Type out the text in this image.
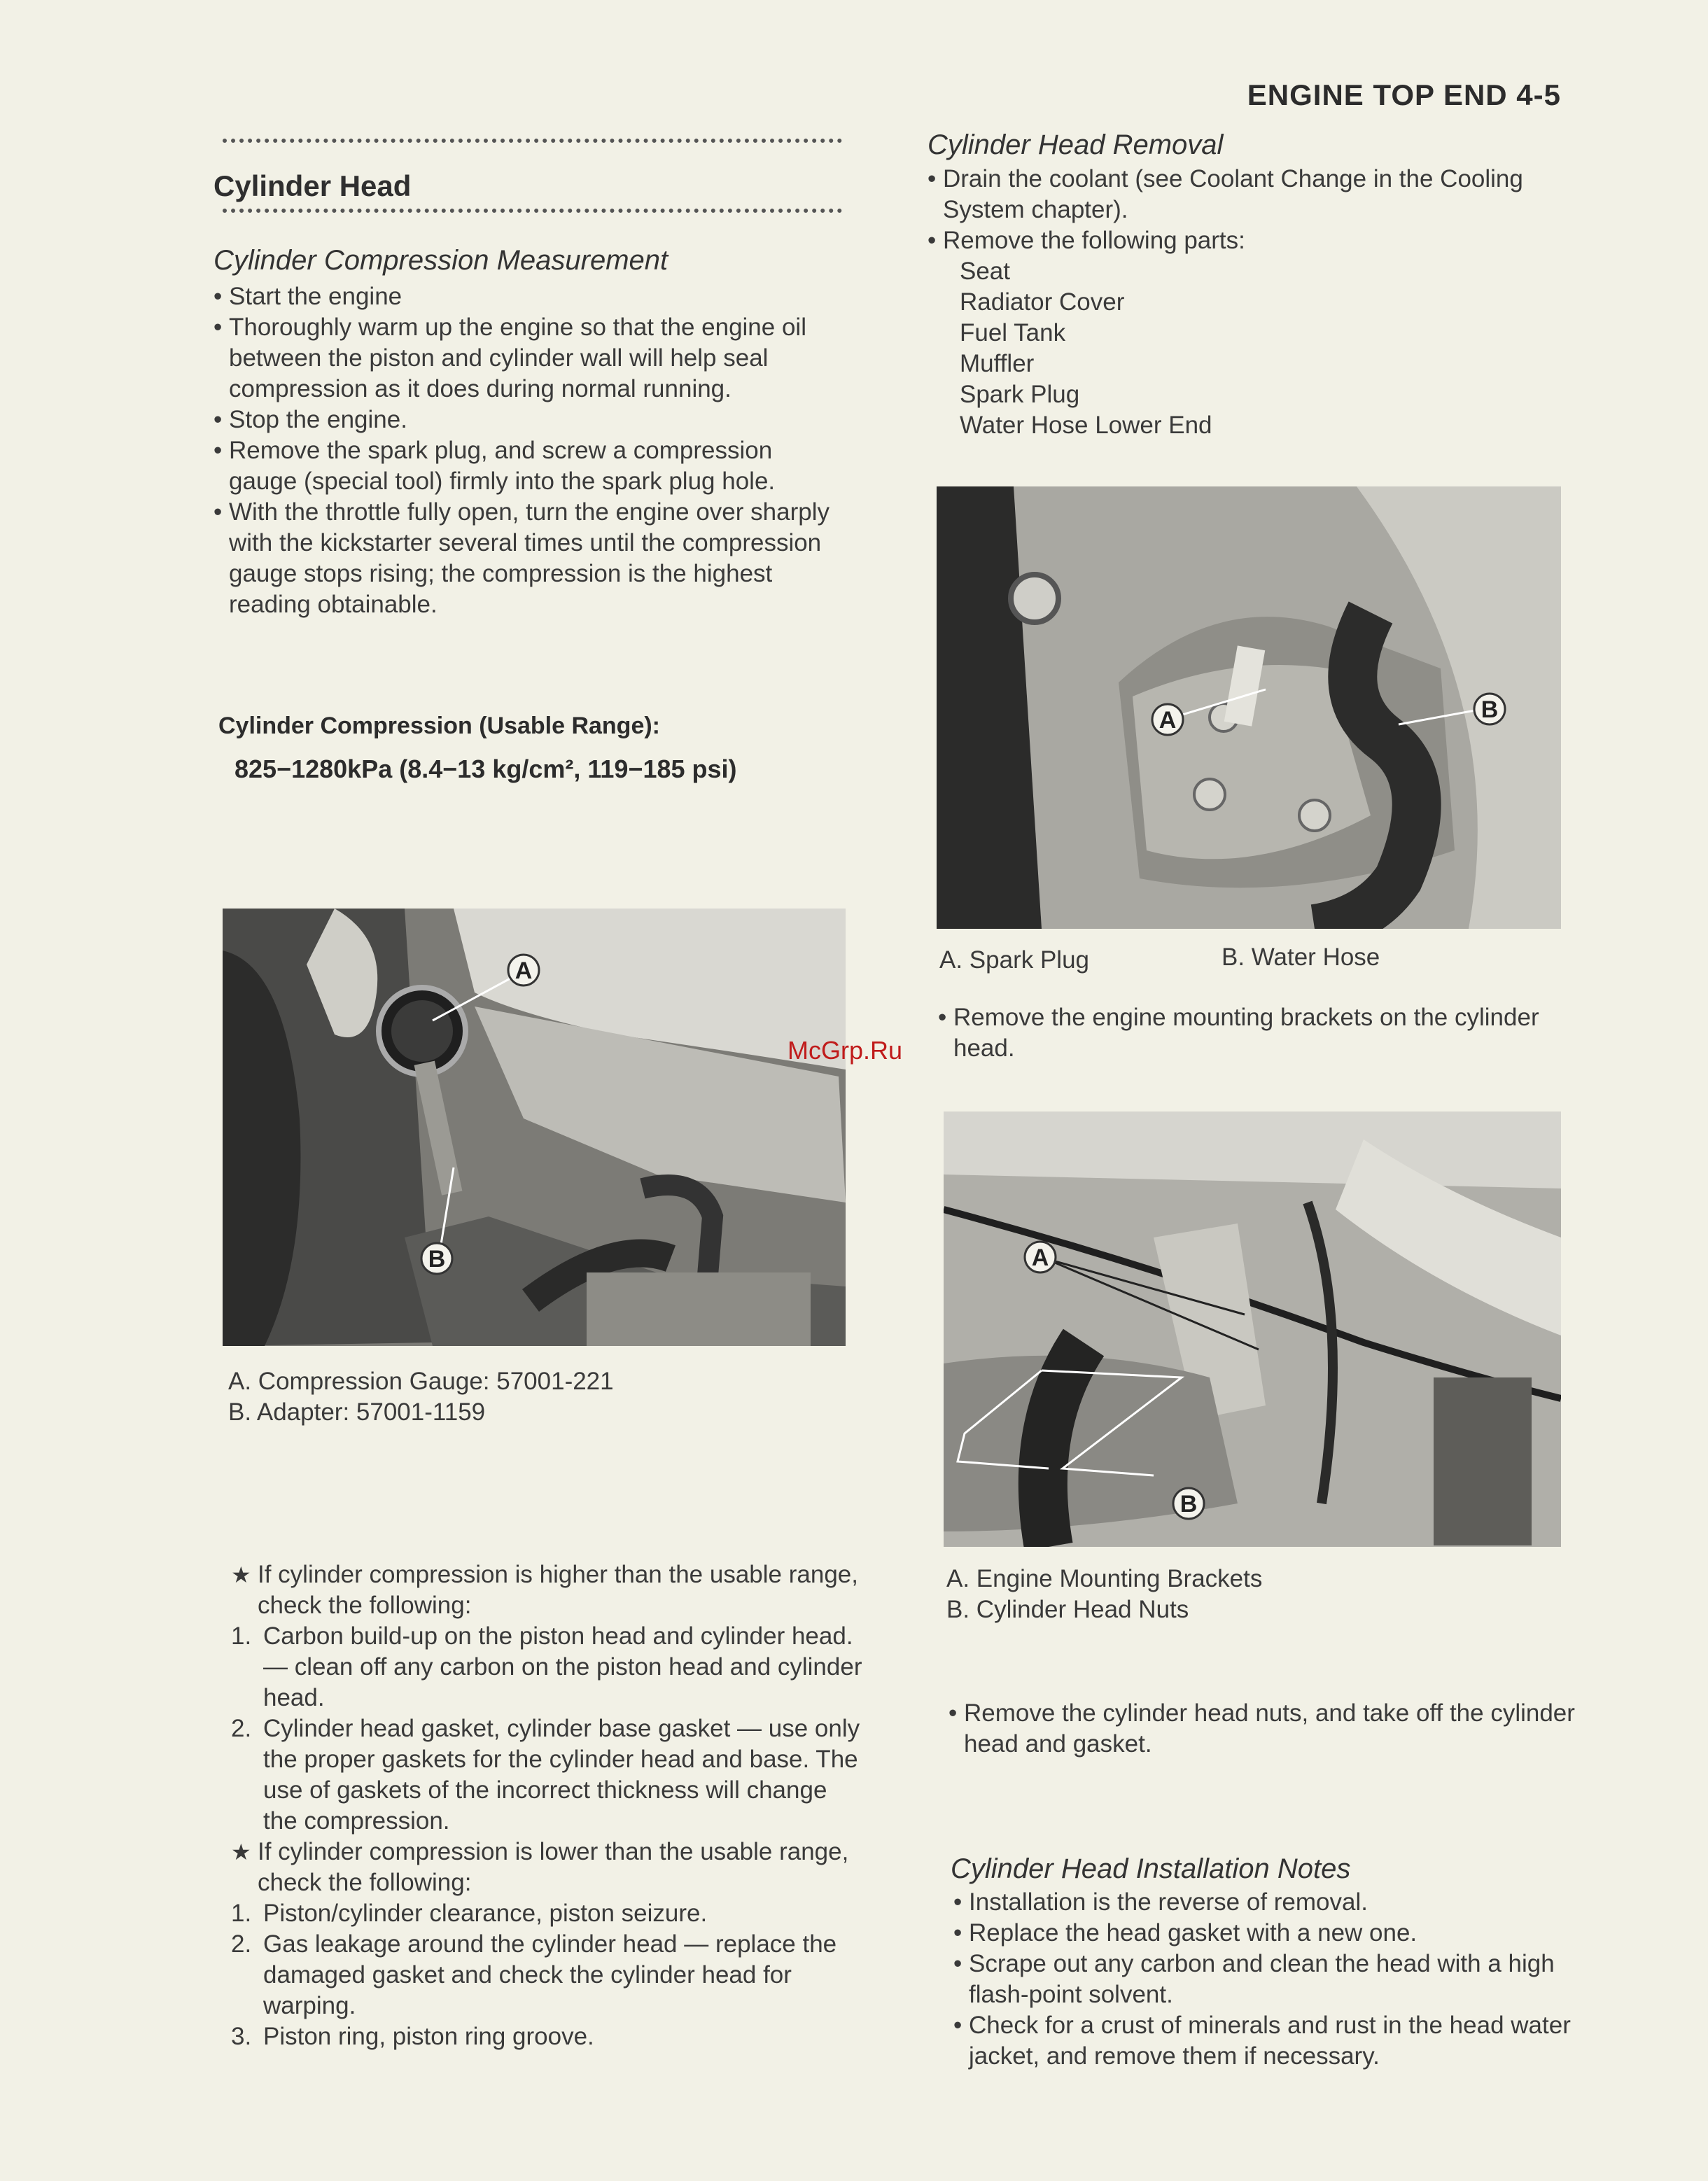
ENGINE TOP END 4-5
Cylinder Head
Cylinder Compression Measurement
• Start the engine
• Thoroughly warm up the engine so that the engine oil between the piston and cylinder wall will help seal compression as it does during normal running.
• Stop the engine.
• Remove the spark plug, and screw a compression gauge (special tool) firmly into the spark plug hole.
• With the throttle fully open, turn the engine over sharply with the kickstarter several times until the compression gauge stops rising; the compression is the highest reading obtainable.
Cylinder Compression (Usable Range):
825−1280kPa (8.4−13 kg/cm², 119−185 psi)
A
B
A. Compression Gauge: 57001-221
B. Adapter: 57001-1159
★ If cylinder compression is higher than the usable range, check the following:
1. Carbon build-up on the piston head and cylinder head.
— clean off any carbon on the piston head and cylinder head.
2. Cylinder head gasket, cylinder base gasket — use only the proper gaskets for the cylinder head and base. The use of gaskets of the incorrect thickness will change the compression.
★ If cylinder compression is lower than the usable range, check the following:
1. Piston/cylinder clearance, piston seizure.
2. Gas leakage around the cylinder head — replace the damaged gasket and check the cylinder head for warping.
3. Piston ring, piston ring groove.
Cylinder Head Removal
• Drain the coolant (see Coolant Change in the Cooling System chapter).
• Remove the following parts:
Seat
Radiator Cover
Fuel Tank
Muffler
Spark Plug
Water Hose Lower End
A	B
A. Spark Plug	B. Water Hose
• Remove the engine mounting brackets on the cylinder head.
A
B
A. Engine Mounting Brackets
B. Cylinder Head Nuts
• Remove the cylinder head nuts, and take off the cylinder head and gasket.
Cylinder Head Installation Notes
• Installation is the reverse of removal.
• Replace the head gasket with a new one.
• Scrape out any carbon and clean the head with a high flash-point solvent.
• Check for a crust of minerals and rust in the head water jacket, and remove them if necessary.
McGrp.Ru
